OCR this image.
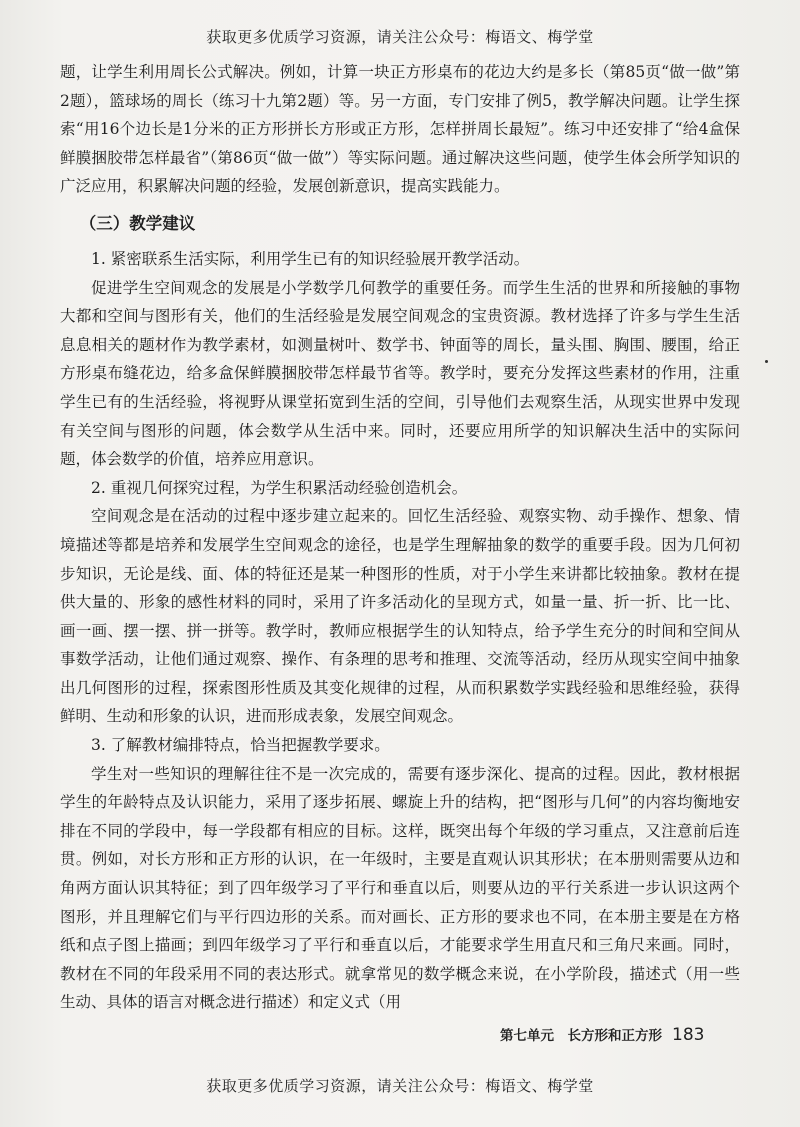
获取更多优质学习资源，请关注公众号：梅语文、梅学堂

题，让学生利用周长公式解决。例如，计算一块正方形桌布的花边大约是多长（第85页“做一做”第2题），篮球场的周长（练习十九第2题）等。另一方面，专门安排了例5，教学解决问题。让学生探索“用16个边长是1分米的正方形拼长方形或正方形，怎样拼周长最短”。练习中还安排了“给4盒保鲜膜捆胶带怎样最省”（第86页“做一做”）等实际问题。通过解决这些问题，使学生体会所学知识的广泛应用，积累解决问题的经验，发展创新意识，提高实践能力。

（三）教学建议

1. 紧密联系生活实际，利用学生已有的知识经验展开教学活动。

促进学生空间观念的发展是小学数学几何教学的重要任务。而学生生活的世界和所接触的事物大都和空间与图形有关，他们的生活经验是发展空间观念的宝贵资源。教材选择了许多与学生生活息息相关的题材作为教学素材，如测量树叶、数学书、钟面等的周长，量头围、胸围、腰围，给正方形桌布缝花边，给多盒保鲜膜捆胶带怎样最节省等。教学时，要充分发挥这些素材的作用，注重学生已有的生活经验，将视野从课堂拓宽到生活的空间，引导他们去观察生活，从现实世界中发现有关空间与图形的问题，体会数学从生活中来。同时，还要应用所学的知识解决生活中的实际问题，体会数学的价值，培养应用意识。

2. 重视几何探究过程，为学生积累活动经验创造机会。

空间观念是在活动的过程中逐步建立起来的。回忆生活经验、观察实物、动手操作、想象、情境描述等都是培养和发展学生空间观念的途径，也是学生理解抽象的数学的重要手段。因为几何初步知识，无论是线、面、体的特征还是某一种图形的性质，对于小学生来讲都比较抽象。教材在提供大量的、形象的感性材料的同时，采用了许多活动化的呈现方式，如量一量、折一折、比一比、画一画、摆一摆、拼一拼等。教学时，教师应根据学生的认知特点，给予学生充分的时间和空间从事数学活动，让他们通过观察、操作、有条理的思考和推理、交流等活动，经历从现实空间中抽象出几何图形的过程，探索图形性质及其变化规律的过程，从而积累数学实践经验和思维经验，获得鲜明、生动和形象的认识，进而形成表象，发展空间观念。

3. 了解教材编排特点，恰当把握教学要求。

学生对一些知识的理解往往不是一次完成的，需要有逐步深化、提高的过程。因此，教材根据学生的年龄特点及认识能力，采用了逐步拓展、螺旋上升的结构，把“图形与几何”的内容均衡地安排在不同的学段中，每一学段都有相应的目标。这样，既突出每个年级的学习重点，又注意前后连贯。例如，对长方形和正方形的认识，在一年级时，主要是直观认识其形状；在本册则需要从边和角两方面认识其特征；到了四年级学习了平行和垂直以后，则要从边的平行关系进一步认识这两个图形，并且理解它们与平行四边形的关系。而对画长、正方形的要求也不同，在本册主要是在方格纸和点子图上描画；到四年级学习了平行和垂直以后，才能要求学生用直尺和三角尺来画。同时，教材在不同的年段采用不同的表达形式。就拿常见的数学概念来说，在小学阶段，描述式（用一些生动、具体的语言对概念进行描述）和定义式（用

第七单元　长方形和正方形 183
获取更多优质学习资源，请关注公众号：梅语文、梅学堂
